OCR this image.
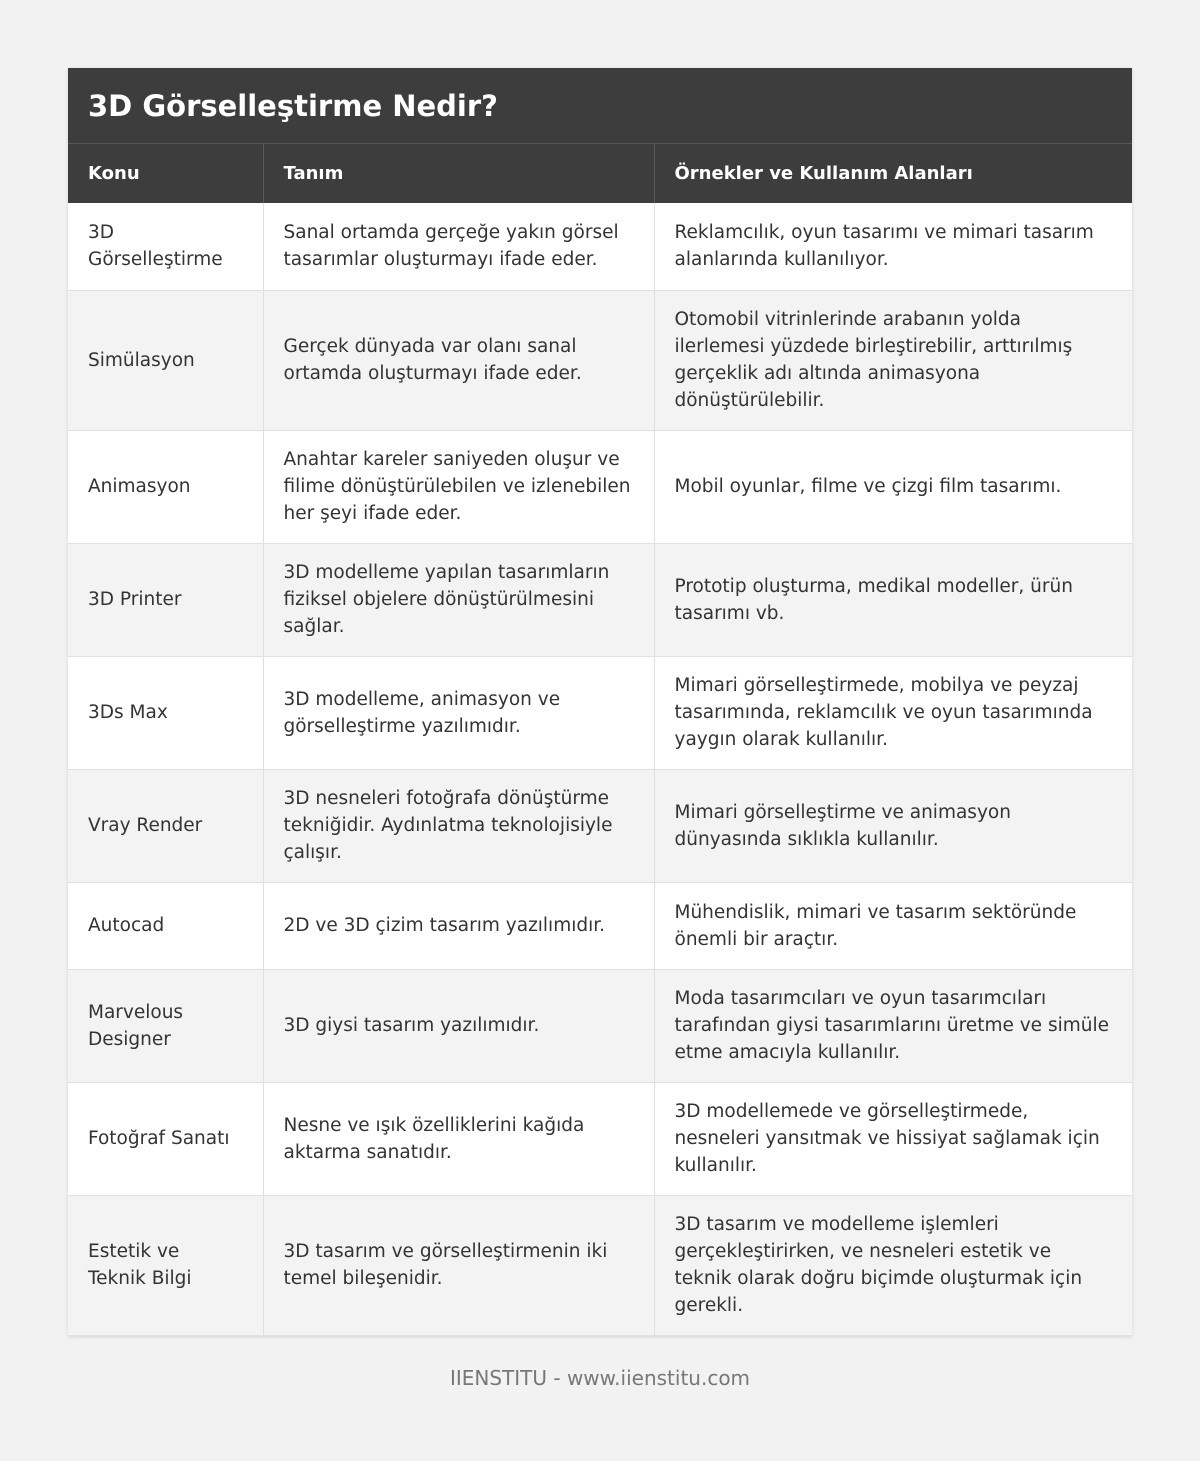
3D Görselleştirme Nedir?
Konu	Tanım	Örnekler ve Kullanım Alanları
3D Görselleştirme	Sanal ortamda gerçeğe yakın görsel tasarımlar oluşturmayı ifade eder.	Reklamcılık, oyun tasarımı ve mimari tasarım alanlarında kullanılıyor.
Simülasyon	Gerçek dünyada var olanı sanal ortamda oluşturmayı ifade eder.	Otomobil vitrinlerinde arabanın yolda ilerlemesi yüzdede birleştirebilir, arttırılmış gerçeklik adı altında animasyona dönüştürülebilir.
Animasyon	Anahtar kareler saniyeden oluşur ve filime dönüştürülebilen ve izlenebilen her şeyi ifade eder.	Mobil oyunlar, filme ve çizgi film tasarımı.
3D Printer	3D modelleme yapılan tasarımların fiziksel objelere dönüştürülmesini sağlar.	Prototip oluşturma, medikal modeller, ürün tasarımı vb.
3Ds Max	3D modelleme, animasyon ve görselleştirme yazılımıdır.	Mimari görselleştirmede, mobilya ve peyzaj tasarımında, reklamcılık ve oyun tasarımında yaygın olarak kullanılır.
Vray Render	3D nesneleri fotoğrafa dönüştürme tekniğidir. Aydınlatma teknolojisiyle çalışır.	Mimari görselleştirme ve animasyon dünyasında sıklıkla kullanılır.
Autocad	2D ve 3D çizim tasarım yazılımıdır.	Mühendislik, mimari ve tasarım sektöründe önemli bir araçtır.
Marvelous Designer	3D giysi tasarım yazılımıdır.	Moda tasarımcıları ve oyun tasarımcıları tarafından giysi tasarımlarını üretme ve simüle etme amacıyla kullanılır.
Fotoğraf Sanatı	Nesne ve ışık özelliklerini kağıda aktarma sanatıdır.	3D modellemede ve görselleştirmede, nesneleri yansıtmak ve hissiyat sağlamak için kullanılır.
Estetik ve Teknik Bilgi	3D tasarım ve görselleştirmenin iki temel bileşenidir.	3D tasarım ve modelleme işlemleri gerçekleştirirken, ve nesneleri estetik ve teknik olarak doğru biçimde oluşturmak için gerekli.
IIENSTITU - www.iienstitu.com
